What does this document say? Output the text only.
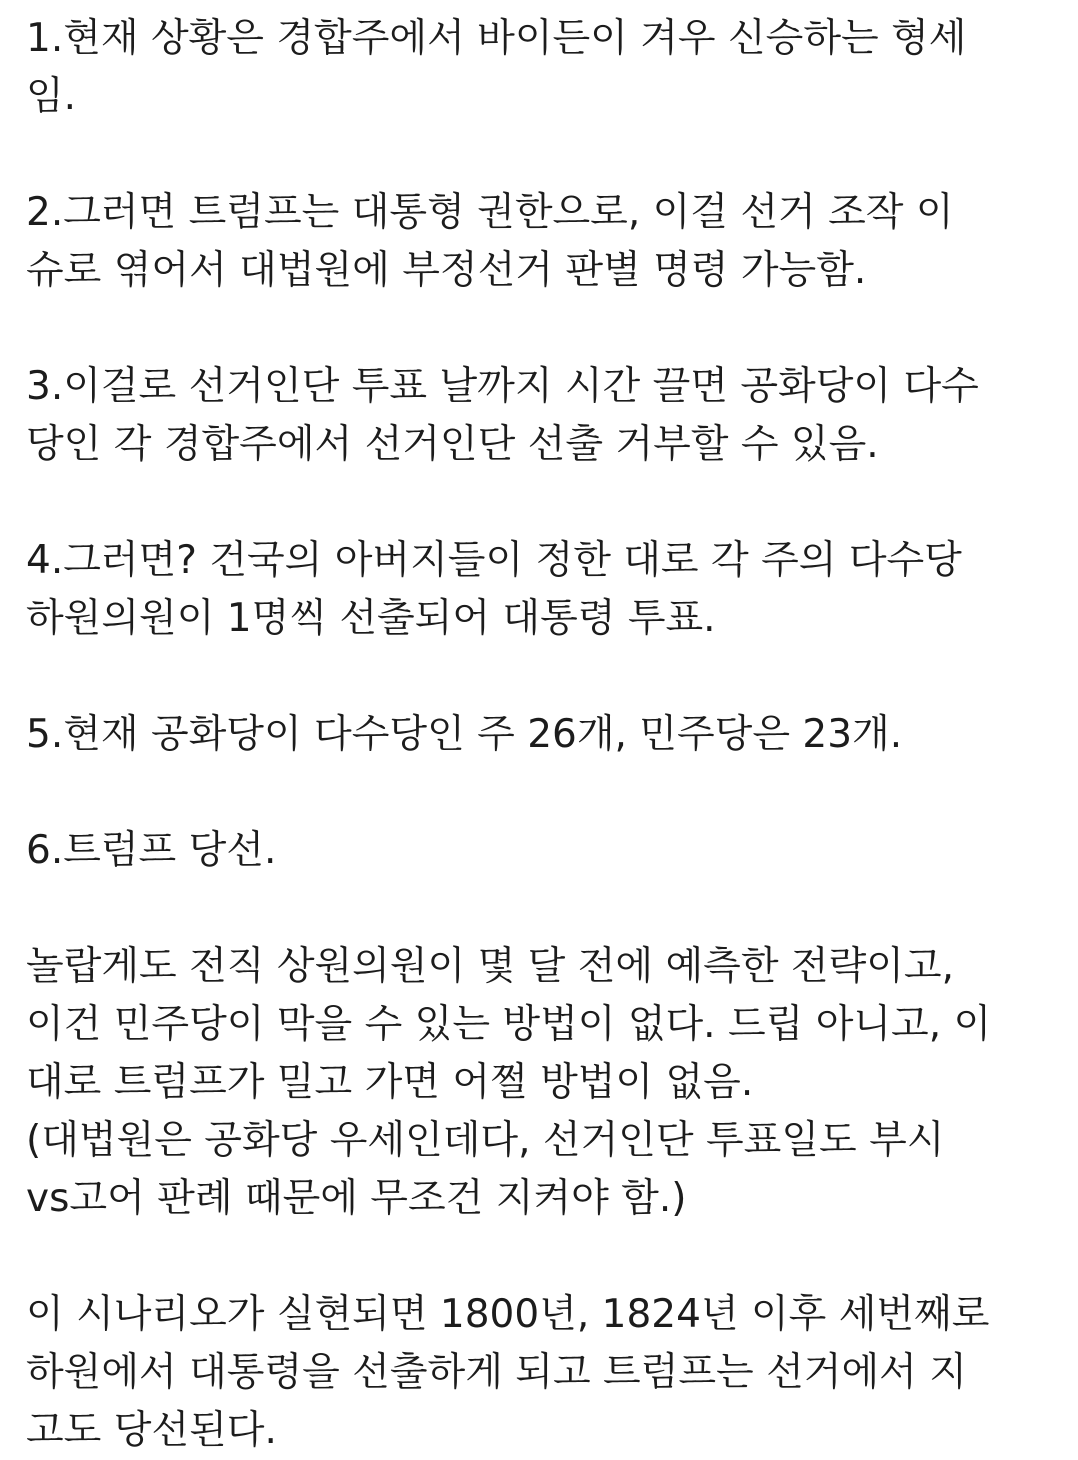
1.현재 상황은 경합주에서 바이든이 겨우 신승하는 형세
임.
2.그러면 트럼프는 대통형 권한으로, 이걸 선거 조작 이
슈로 엮어서 대법원에 부정선거 판별 명령 가능함.
3.이걸로 선거인단 투표 날까지 시간 끌면 공화당이 다수
당인 각 경합주에서 선거인단 선출 거부할 수 있음.
4.그러면? 건국의 아버지들이 정한 대로 각 주의 다수당
하원의원이 1명씩 선출되어 대통령 투표.
5.현재 공화당이 다수당인 주 26개, 민주당은 23개.
6.트럼프 당선.
놀랍게도 전직 상원의원이 몇 달 전에 예측한 전략이고,
이건 민주당이 막을 수 있는 방법이 없다. 드립 아니고, 이
대로 트럼프가 밀고 가면 어쩔 방법이 없음.
(대법원은 공화당 우세인데다, 선거인단 투표일도 부시
vs고어 판례 때문에 무조건 지켜야 함.)
이 시나리오가 실현되면 1800년, 1824년 이후 세번째로
하원에서 대통령을 선출하게 되고 트럼프는 선거에서 지
고도 당선된다.
